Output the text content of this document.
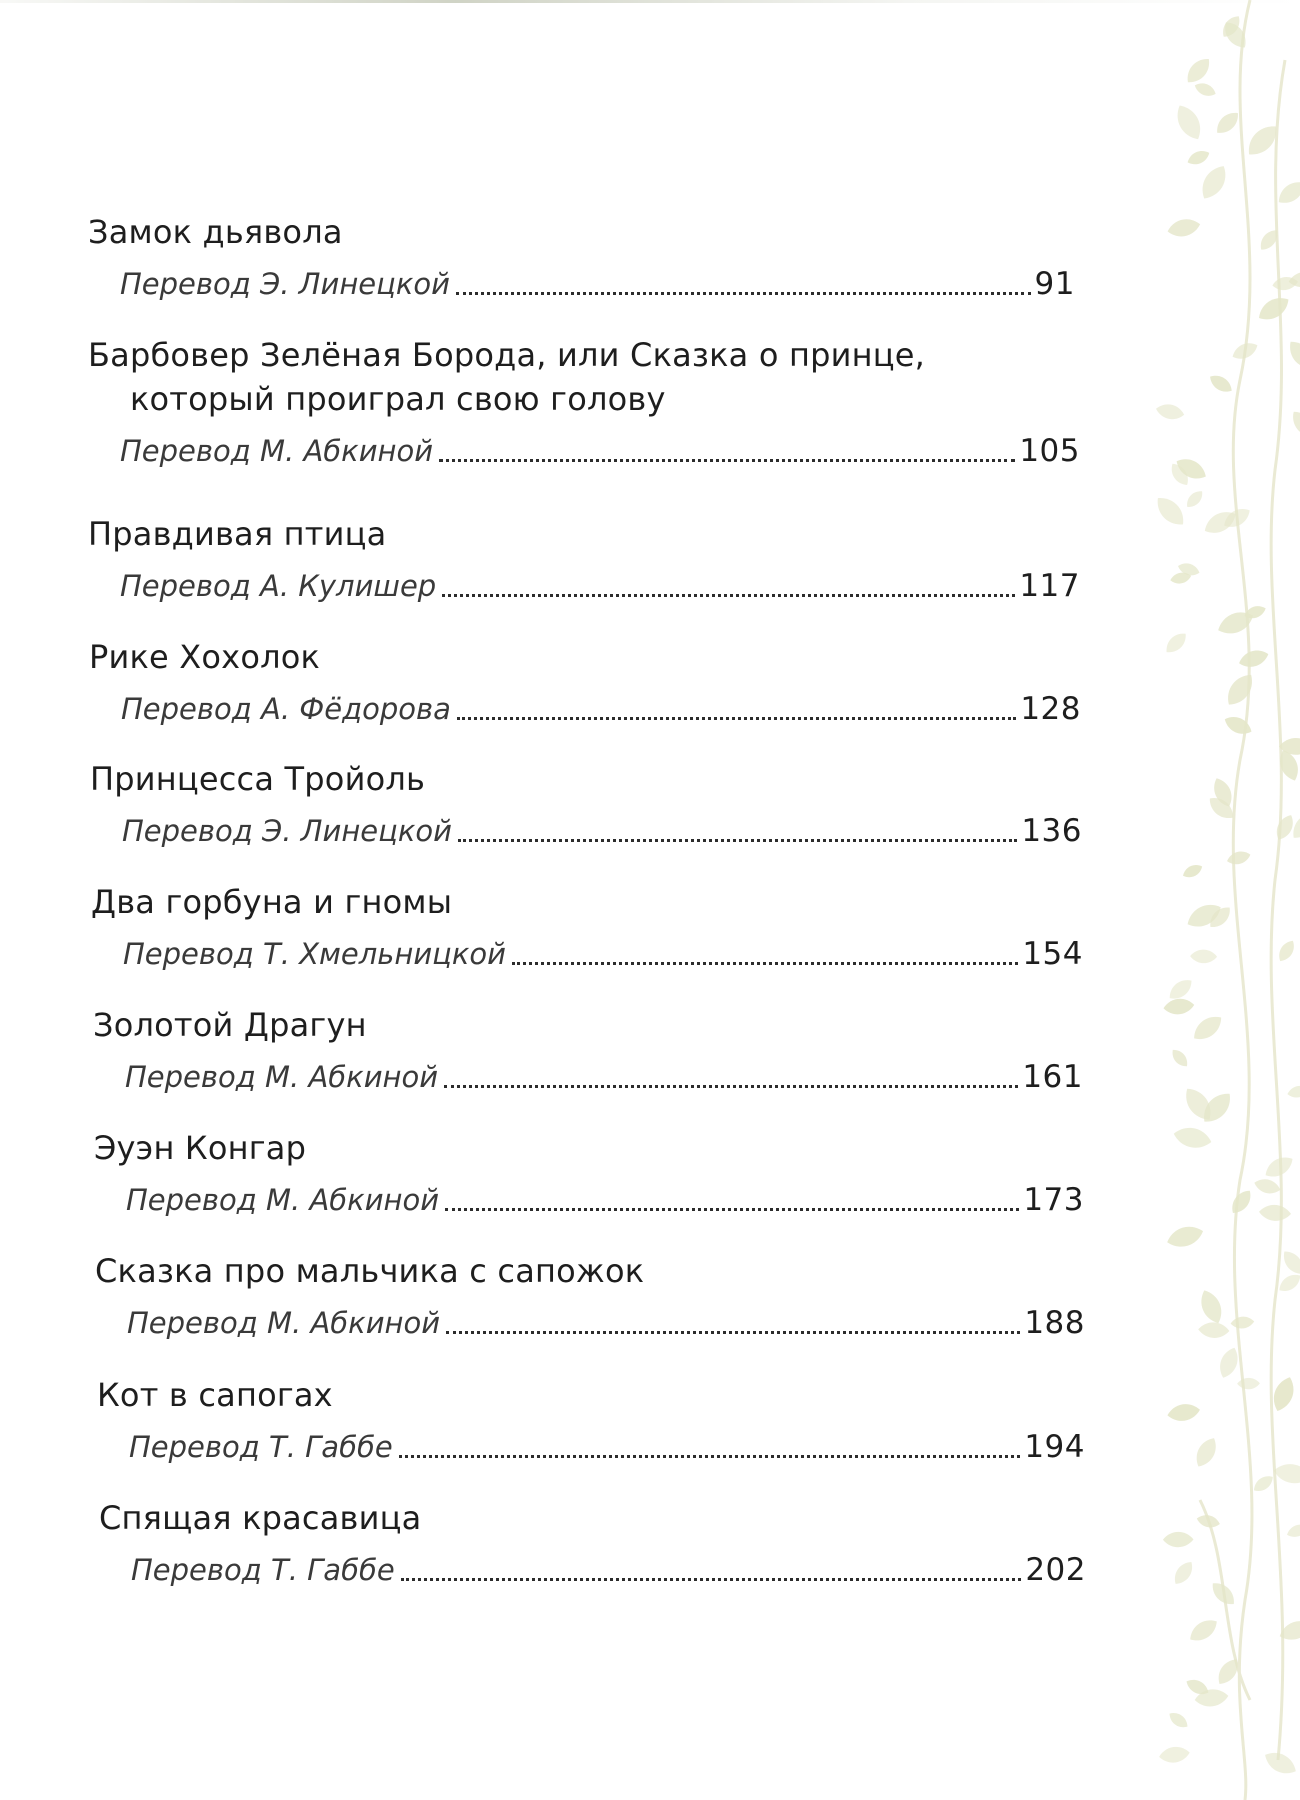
Замок дьявола
Перевод Э. Линецкой	91
Барбовер Зелёная Борода, или Сказка о принце,
который проиграл свою голову
Перевод М. Абкиной	105
Правдивая птица
Перевод А. Кулишер	117
Рике Хохолок
Перевод А. Фёдорова	128
Принцесса Тройоль
Перевод Э. Линецкой	136
Два горбуна и гномы
Перевод Т. Хмельницкой	154
Золотой Драгун
Перевод М. Абкиной	161
Эуэн Конгар
Перевод М. Абкиной	173
Сказка про мальчика с сапожок
Перевод М. Абкиной	188
Кот в сапогах
Перевод Т. Габбе	194
Спящая красавица
Перевод Т. Габбе	202
